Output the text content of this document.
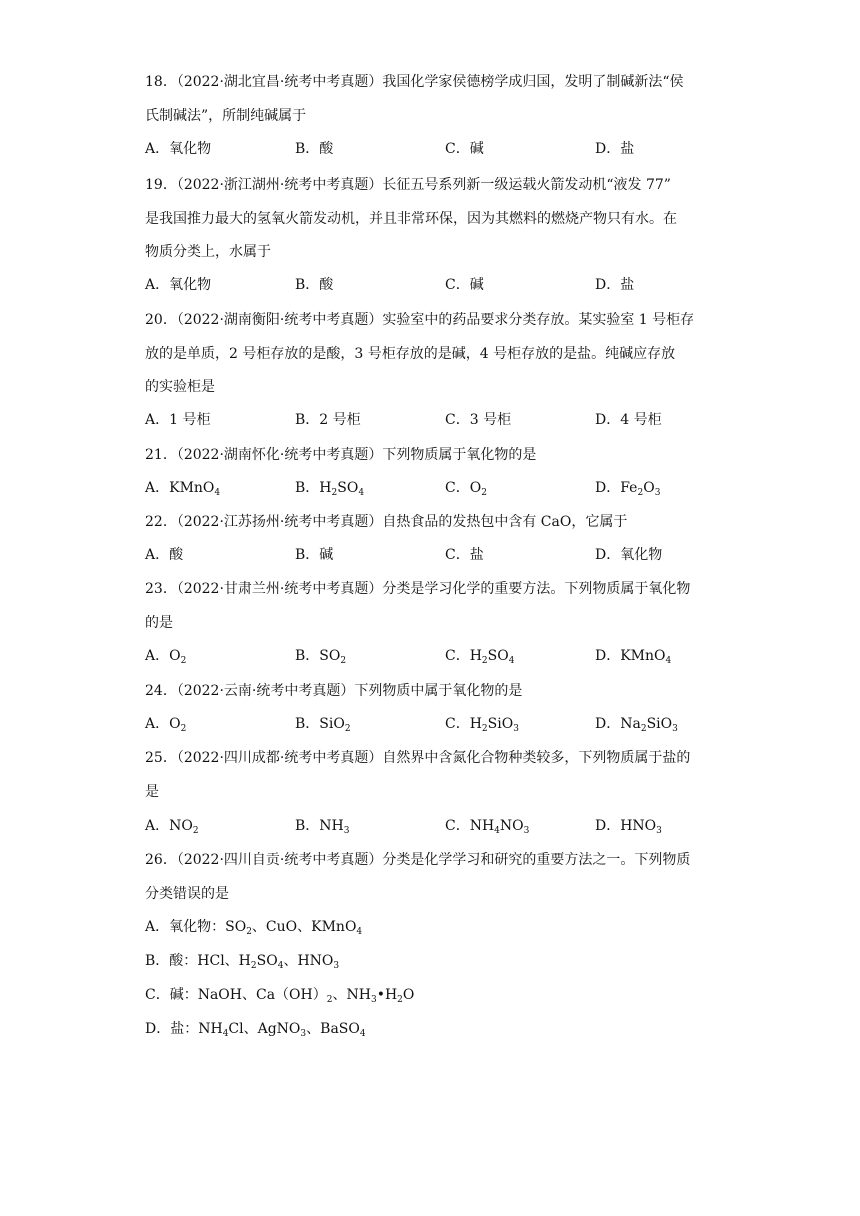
18．（2022·湖北宜昌·统考中考真题）我国化学家侯德榜学成归国，发明了制碱新法“侯

氏制碱法”，所制纯碱属于

A．氧化物	B．酸	C．碱	D．盐

19．（2022·浙江湖州·统考中考真题）长征五号系列新一级运载火箭发动机“液发 77”

是我国推力最大的氢氧火箭发动机，并且非常环保，因为其燃料的燃烧产物只有水。在

物质分类上，水属于

A．氧化物	B．酸	C．碱	D．盐

20．（2022·湖南衡阳·统考中考真题）实验室中的药品要求分类存放。某实验室 1 号柜存

放的是单质，2 号柜存放的是酸，3 号柜存放的是碱，4 号柜存放的是盐。纯碱应存放

的实验柜是

A．1 号柜	B．2 号柜	C．3 号柜	D．4 号柜

21．（2022·湖南怀化·统考中考真题）下列物质属于氧化物的是

A．KMnO$_4$	B．$H_2SO_4$	C．$O_2$	D．$Fe_2O_3$

22．（2022·江苏扬州·统考中考真题）自热食品的发热包中含有 CaO，它属于

A．酸	B．碱	C．盐	D．氧化物

23．（2022·甘肃兰州·统考中考真题）分类是学习化学的重要方法。下列物质属于氧化物

的是

A．$O_2$	B．$SO_2$	C．$H_2SO_4$	D．KMnO$_4$

24．（2022·云南·统考中考真题）下列物质中属于氧化物的是

A．$O_2$	B．SiO$_2$	C．$H_2SiO_3$	D．$Na_2SiO_3$

25．（2022·四川成都·统考中考真题）自然界中含氮化合物种类较多，下列物质属于盐的

是

A．$NO_2$	B．$NH_3$	C．$NH_4NO_3$	D．$HNO_3$

26．（2022·四川自贡·统考中考真题）分类是化学学习和研究的重要方法之一。下列物质

分类错误的是

A．氧化物：$SO_2$、CuO、KMnO$_4$

B．酸：HCl、$H_2SO_4$、$HNO_3$

C．碱：NaOH、$Ca(OH)_2$、$NH_3•H_2O$

D．盐：$NH_4Cl$、AgNO$_3$、BaSO$_4$
